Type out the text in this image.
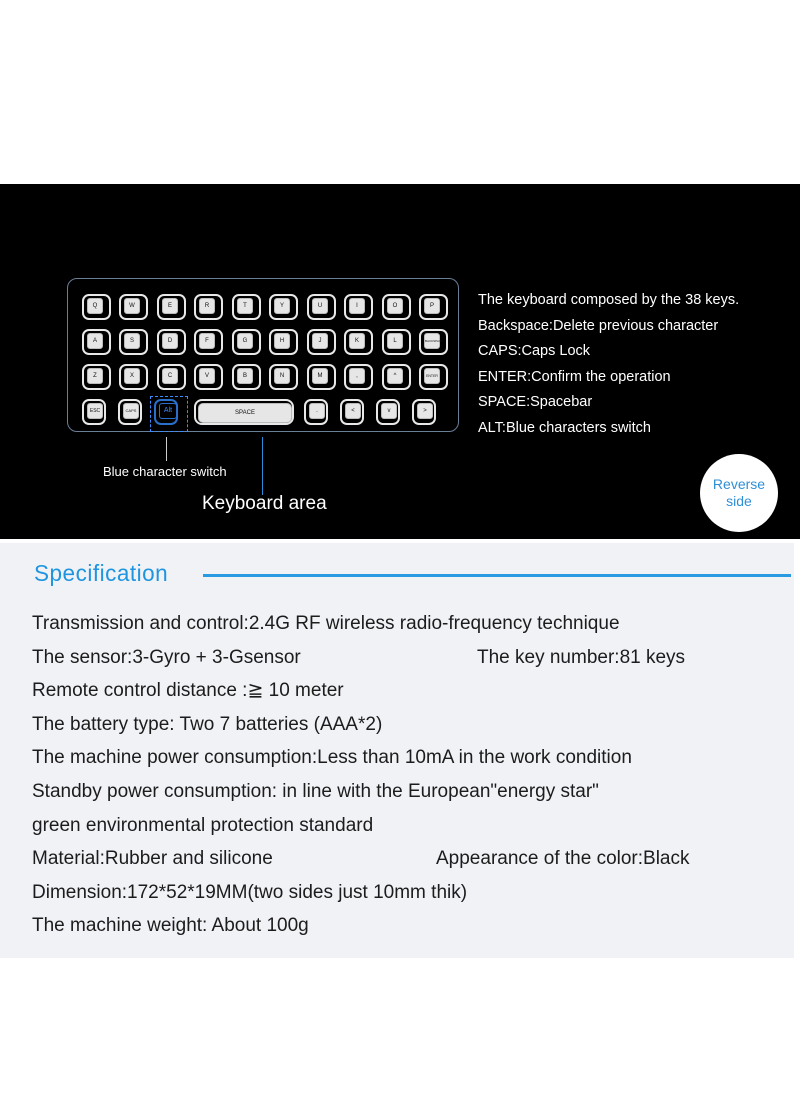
Q	W	E	R	T	Y	U	I	O	P
A	S	D	F	G	H	J	K	L	BACKSPACE
Z	X	C	V	B	N	M	,	^	ENTER
ESC	CAPS	Alt	SPACE	.	<	v	>
The keyboard composed by the 38 keys.
Backspace:Delete previous character
CAPS:Caps Lock
ENTER:Confirm the operation
SPACE:Spacebar
ALT:Blue characters switch
Blue character switch
Keyboard area
Reverse
side
Specification
Transmission and control:2.4G RF wireless radio-frequency technique
The sensor:3-Gyro + 3-Gsensor	The key number:81 keys
Remote control distance :≧ 10 meter
The battery type: Two 7 batteries (AAA*2)
The machine power consumption:Less than 10mA in the work condition
Standby power consumption: in line with the European"energy star"
green environmental protection standard
Material:Rubber and silicone	Appearance of the color:Black
Dimension:172*52*19MM(two sides just 10mm thik)
The machine weight: About 100g
